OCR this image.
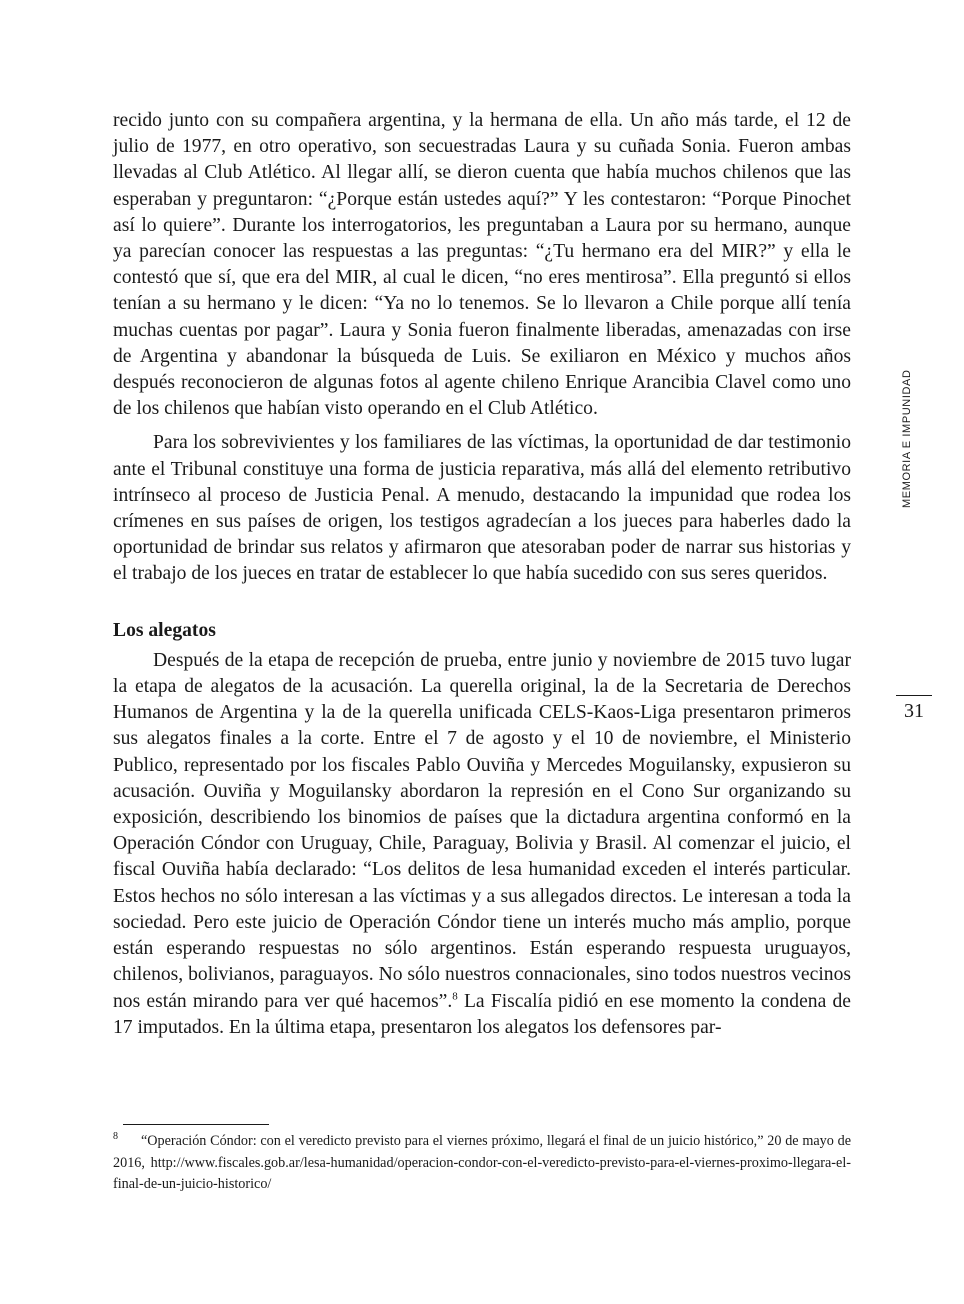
recido junto con su compañera argentina, y la hermana de ella. Un año más tarde, el 12 de julio de 1977, en otro operativo, son secuestradas Laura y su cuñada Sonia. Fueron ambas llevadas al Club Atlético. Al llegar allí, se dieron cuenta que había muchos chilenos que las esperaban y preguntaron: “¿Porque están ustedes aquí?” Y les contestaron: “Porque Pinochet así lo quiere”. Durante los interrogatorios, les preguntaban a Laura por su hermano, aunque ya parecían conocer las respuestas a las preguntas: “¿Tu hermano era del MIR?” y ella le contestó que sí, que era del MIR, al cual le dicen, “no eres mentirosa”. Ella preguntó si ellos tenían a su hermano y le dicen: “Ya no lo tenemos. Se lo llevaron a Chile porque allí tenía muchas cuentas por pagar”. Laura y Sonia fueron finalmente liberadas, amenazadas con irse de Argentina y abandonar la búsqueda de Luis. Se exiliaron en México y muchos años después reconocieron de algunas fotos al agente chileno Enrique Arancibia Clavel como uno de los chilenos que habían visto operando en el Club Atlético.

Para los sobrevivientes y los familiares de las víctimas, la oportunidad de dar testimonio ante el Tribunal constituye una forma de justicia reparativa, más allá del elemento retributivo intrínseco al proceso de Justicia Penal. A menudo, destacando la impunidad que rodea los crímenes en sus países de origen, los testigos agradecían a los jueces para haberles dado la oportunidad de brindar sus relatos y afirmaron que atesoraban poder de narrar sus historias y el trabajo de los jueces en tratar de establecer lo que había sucedido con sus seres queridos.

Los alegatos

Después de la etapa de recepción de prueba, entre junio y noviembre de 2015 tuvo lugar la etapa de alegatos de la acusación. La querella original, la de la Secretaria de Derechos Humanos de Argentina y la de la querella unificada CELS-Kaos-Liga presentaron primeros sus alegatos finales a la corte. Entre el 7 de agosto y el 10 de noviembre, el Ministerio Publico, representado por los fiscales Pablo Ouviña y Mercedes Moguilansky, expusieron su acusación. Ouviña y Moguilansky abordaron la represión en el Cono Sur organizando su exposición, describiendo los binomios de países que la dictadura argentina conformó en la Operación Cóndor con Uruguay, Chile, Paraguay, Bolivia y Brasil. Al comenzar el juicio, el fiscal Ouviña había declarado: “Los delitos de lesa humanidad exceden el interés particular. Estos hechos no sólo interesan a las víctimas y a sus allegados directos. Le interesan a toda la sociedad. Pero este juicio de Operación Cóndor tiene un interés mucho más amplio, porque están esperando respuestas no sólo argentinos. Están esperando respuesta uruguayos, chilenos, bolivianos, paraguayos. No sólo nuestros connacionales, sino todos nuestros vecinos nos están mirando para ver qué hacemos”.$^8$ La Fiscalía pidió en ese momento la condena de 17 imputados. En la última etapa, presentaron los alegatos los defensores par-

$^8$ “Operación Cóndor: con el veredicto previsto para el viernes próximo, llegará el final de un juicio histórico,” 20 de mayo de 2016, http://www.fiscales.gob.ar/lesa-humanidad/operacion-condor-con-el-veredicto-previsto-para-el-viernes-proximo-llegara-el-final-de-un-juicio-historico/

MEMORIA E IMPUNIDAD
31
